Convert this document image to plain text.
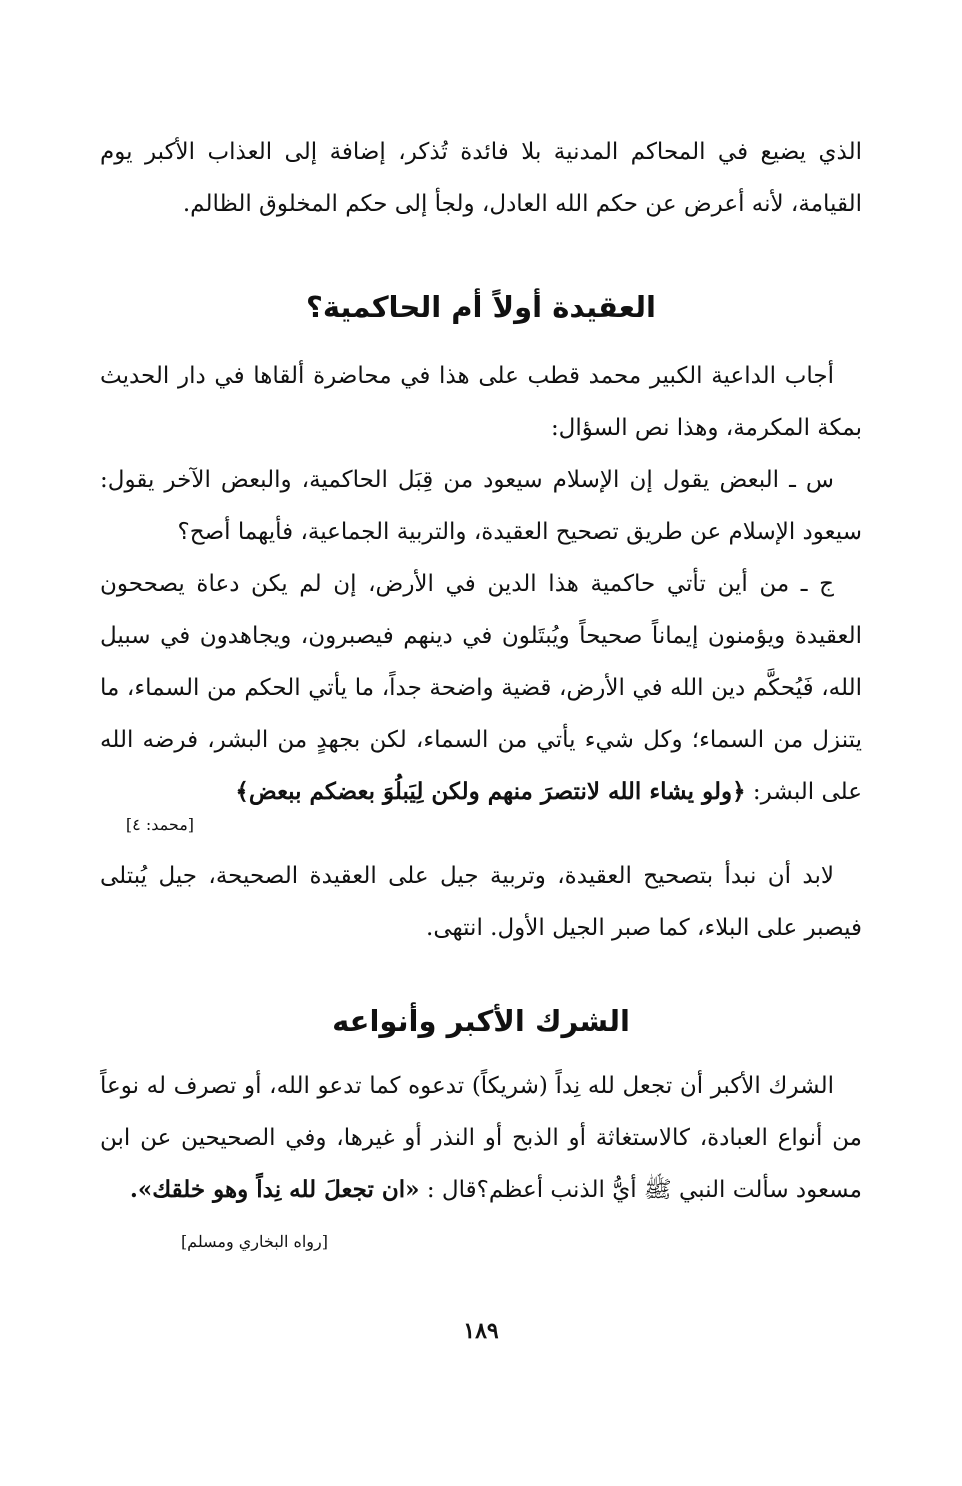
الذي يضيع في المحاكم المدنية بلا فائدة تُذكر، إضافة إلى العذاب الأكبر يوم القيامة، لأنه أعرض عن حكم الله العادل، ولجأ إلى حكم المخلوق الظالم.

العقيدة أولاً أم الحاكمية؟

أجاب الداعية الكبير محمد قطب على هذا في محاضرة ألقاها في دار الحديث بمكة المكرمة، وهذا نص السؤال:

س ـ البعض يقول إن الإسلام سيعود من قِبَل الحاكمية، والبعض الآخر يقول: سيعود الإسلام عن طريق تصحيح العقيدة، والتربية الجماعية، فأيهما أصح؟

ج ـ من أين تأتي حاكمية هذا الدين في الأرض، إن لم يكن دعاة يصححون العقيدة ويؤمنون إيماناً صحيحاً ويُبتَلون في دينهم فيصبرون، ويجاهدون في سبيل الله، فَيُحكَّم دين الله في الأرض، قضية واضحة جداً، ما يأتي الحكم من السماء، ما يتنزل من السماء؛ وكل شيء يأتي من السماء، لكن بجهدٍ من البشر، فرضه الله على البشر: ﴿ولو يشاء الله لانتصرَ منهم ولكن لِيَبلُوَ بعضكم ببعض﴾

[محمد: ٤]

لابد أن نبدأ بتصحيح العقيدة، وتربية جيل على العقيدة الصحيحة، جيل يُبتلى فيصبر على البلاء، كما صبر الجيل الأول. انتهى.

الشرك الأكبر وأنواعه

الشرك الأكبر أن تجعل لله نِداً (شريكاً) تدعوه كما تدعو الله، أو تصرف له نوعاً من أنواع العبادة، كالاستغاثة أو الذبح أو النذر أو غيرها، وفي الصحيحين عن ابن مسعود سألت النبي ﷺ أيُّ الذنب أعظم؟قال : «ان تجعلَ لله نِداً وهو خلقك».

[رواه البخاري ومسلم]
١٨٩
